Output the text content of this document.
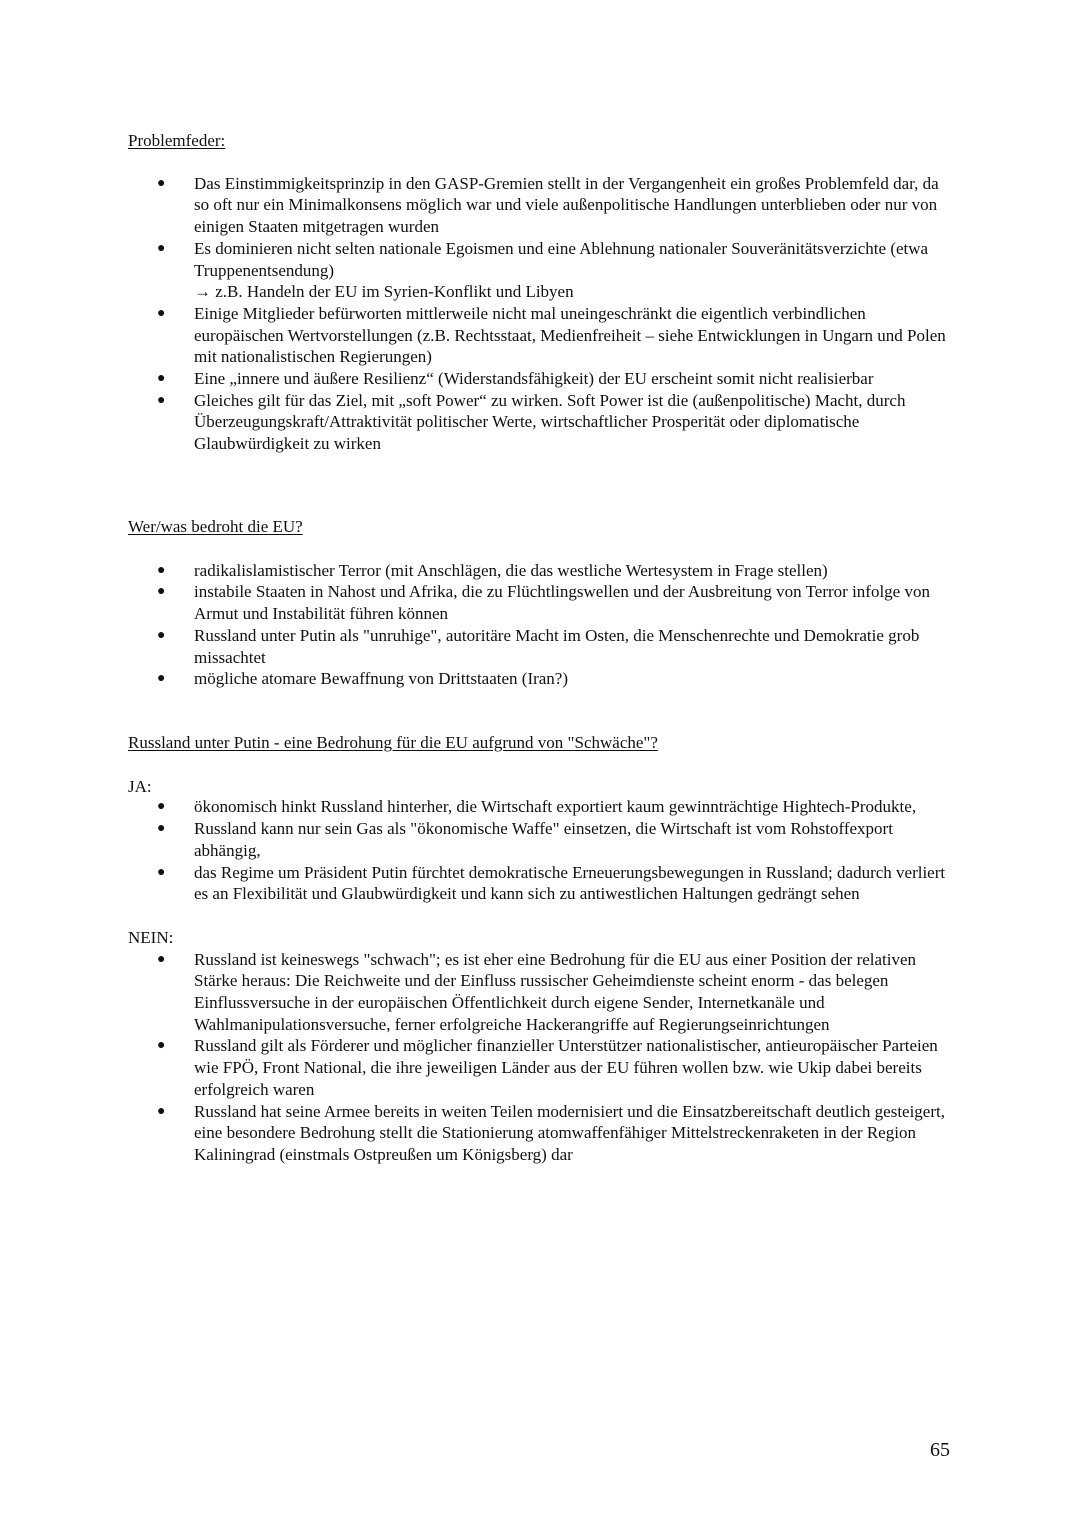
Problemfeder:

● Das Einstimmigkeitsprinzip in den GASP-Gremien stellt in der Vergangenheit ein großes Problemfeld dar, da so oft nur ein Minimalkonsens möglich war und viele außenpolitische Handlungen unterblieben oder nur von einigen Staaten mitgetragen wurden
● Es dominieren nicht selten nationale Egoismen und eine Ablehnung nationaler Souveränitätsverzichte (etwa Truppenentsendung)
→ z.B. Handeln der EU im Syrien-Konflikt und Libyen
● Einige Mitglieder befürworten mittlerweile nicht mal uneingeschränkt die eigentlich verbindlichen europäischen Wertvorstellungen (z.B. Rechtsstaat, Medienfreiheit – siehe Entwicklungen in Ungarn und Polen mit nationalistischen Regierungen)
● Eine „innere und äußere Resilienz“ (Widerstandsfähigkeit) der EU erscheint somit nicht realisierbar
● Gleiches gilt für das Ziel, mit „soft Power“ zu wirken. Soft Power ist die (außenpolitische) Macht, durch Überzeugungskraft/Attraktivität politischer Werte, wirtschaftlicher Prosperität oder diplomatische Glaubwürdigkeit zu wirken

Wer/was bedroht die EU?

● radikalislamistischer Terror (mit Anschlägen, die das westliche Wertesystem in Frage stellen)
● instabile Staaten in Nahost und Afrika, die zu Flüchtlingswellen und der Ausbreitung von Terror infolge von Armut und Instabilität führen können
● Russland unter Putin als "unruhige", autoritäre Macht im Osten, die Menschenrechte und Demokratie grob missachtet
● mögliche atomare Bewaffnung von Drittstaaten (Iran?)

Russland unter Putin - eine Bedrohung für die EU aufgrund von "Schwäche"?

JA:

● ökonomisch hinkt Russland hinterher, die Wirtschaft exportiert kaum gewinnträchtige Hightech-Produkte,
● Russland kann nur sein Gas als "ökonomische Waffe" einsetzen, die Wirtschaft ist vom Rohstoffexport abhängig,
● das Regime um Präsident Putin fürchtet demokratische Erneuerungsbewegungen in Russland; dadurch verliert es an Flexibilität und Glaubwürdigkeit und kann sich zu antiwestlichen Haltungen gedrängt sehen

NEIN:

● Russland ist keineswegs "schwach"; es ist eher eine Bedrohung für die EU aus einer Position der relativen Stärke heraus: Die Reichweite und der Einfluss russischer Geheimdienste scheint enorm - das belegen Einflussversuche in der europäischen Öffentlichkeit durch eigene Sender, Internetkanäle und Wahlmanipulationsversuche, ferner erfolgreiche Hackerangriffe auf Regierungseinrichtungen
● Russland gilt als Förderer und möglicher finanzieller Unterstützer nationalistischer, antieuropäischer Parteien wie FPÖ, Front National, die ihre jeweiligen Länder aus der EU führen wollen bzw. wie Ukip dabei bereits erfolgreich waren
● Russland hat seine Armee bereits in weiten Teilen modernisiert und die Einsatzbereitschaft deutlich gesteigert, eine besondere Bedrohung stellt die Stationierung atomwaffenfähiger Mittelstreckenraketen in der Region Kaliningrad (einstmals Ostpreußen um Königsberg) dar
65
